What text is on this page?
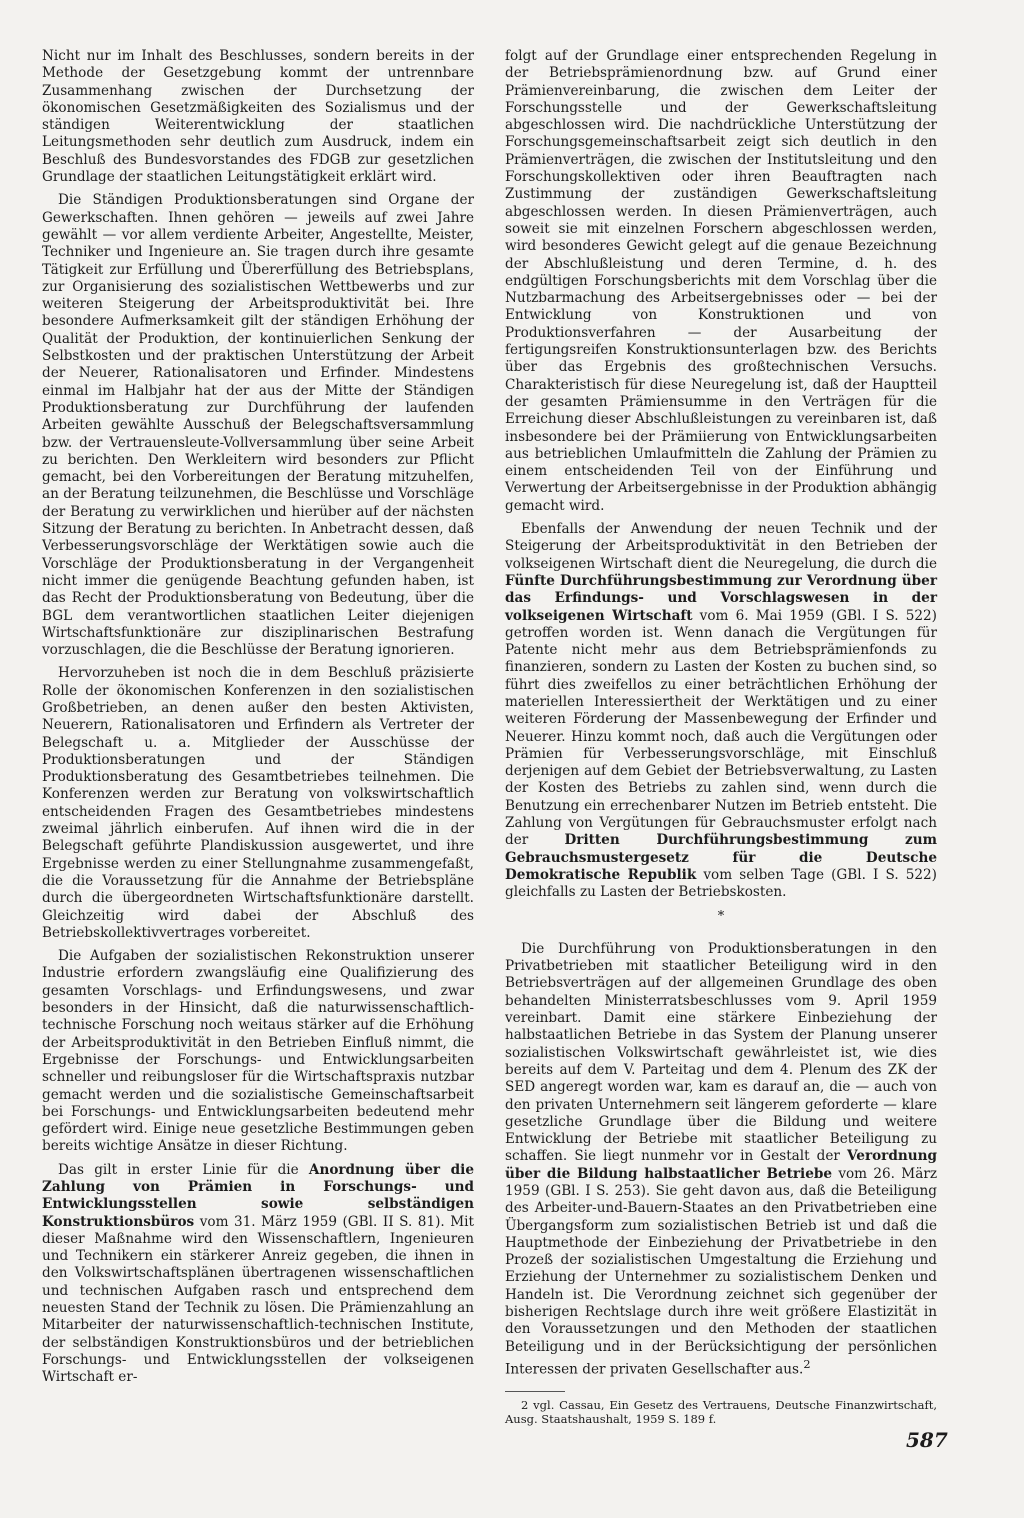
Nicht nur im Inhalt des Beschlusses, sondern bereits in der Methode der Gesetzgebung kommt der untrennbare Zusammenhang zwischen der Durchsetzung der ökonomischen Gesetzmäßigkeiten des Sozialismus und der ständigen Weiterentwicklung der staatlichen Leitungsmethoden sehr deutlich zum Ausdruck, indem ein Beschluß des Bundesvorstandes des FDGB zur gesetzlichen Grundlage der staatlichen Leitungstätigkeit erklärt wird.

Die Ständigen Produktionsberatungen sind Organe der Gewerkschaften. Ihnen gehören — jeweils auf zwei Jahre gewählt — vor allem verdiente Arbeiter, Angestellte, Meister, Techniker und Ingenieure an. Sie tragen durch ihre gesamte Tätigkeit zur Erfüllung und Übererfüllung des Betriebsplans, zur Organisierung des sozialistischen Wettbewerbs und zur weiteren Steigerung der Arbeitsproduktivität bei. Ihre besondere Aufmerksamkeit gilt der ständigen Erhöhung der Qualität der Produktion, der kontinuierlichen Senkung der Selbstkosten und der praktischen Unterstützung der Arbeit der Neuerer, Rationalisatoren und Erfinder. Mindestens einmal im Halbjahr hat der aus der Mitte der Ständigen Produktionsberatung zur Durchführung der laufenden Arbeiten gewählte Ausschuß der Belegschaftsversammlung bzw. der Vertrauensleute-Vollversammlung über seine Arbeit zu berichten. Den Werkleitern wird besonders zur Pflicht gemacht, bei den Vorbereitungen der Beratung mitzuhelfen, an der Beratung teilzunehmen, die Beschlüsse und Vorschläge der Beratung zu verwirklichen und hierüber auf der nächsten Sitzung der Beratung zu berichten. In Anbetracht dessen, daß Verbesserungsvorschläge der Werktätigen sowie auch die Vorschläge der Produktionsberatung in der Vergangenheit nicht immer die genügende Beachtung gefunden haben, ist das Recht der Produktionsberatung von Bedeutung, über die BGL dem verantwortlichen staatlichen Leiter diejenigen Wirtschaftsfunktionäre zur disziplinarischen Bestrafung vorzuschlagen, die die Beschlüsse der Beratung ignorieren.

Hervorzuheben ist noch die in dem Beschluß präzisierte Rolle der ökonomischen Konferenzen in den sozialistischen Großbetrieben, an denen außer den besten Aktivisten, Neuerern, Rationalisatoren und Erfindern als Vertreter der Belegschaft u. a. Mitglieder der Ausschüsse der Produktionsberatungen und der Ständigen Produktionsberatung des Gesamtbetriebes teilnehmen. Die Konferenzen werden zur Beratung von volkswirtschaftlich entscheidenden Fragen des Gesamtbetriebes mindestens zweimal jährlich einberufen. Auf ihnen wird die in der Belegschaft geführte Plandiskussion ausgewertet, und ihre Ergebnisse werden zu einer Stellungnahme zusammengefaßt, die die Voraussetzung für die Annahme der Betriebspläne durch die übergeordneten Wirtschaftsfunktionäre darstellt. Gleichzeitig wird dabei der Abschluß des Betriebskollektivvertrages vorbereitet.

Die Aufgaben der sozialistischen Rekonstruktion unserer Industrie erfordern zwangsläufig eine Qualifizierung des gesamten Vorschlags- und Erfindungswesens, und zwar besonders in der Hinsicht, daß die naturwissenschaftlich-technische Forschung noch weitaus stärker auf die Erhöhung der Arbeitsproduktivität in den Betrieben Einfluß nimmt, die Ergebnisse der Forschungs- und Entwicklungsarbeiten schneller und reibungsloser für die Wirtschaftspraxis nutzbar gemacht werden und die sozialistische Gemeinschaftsarbeit bei Forschungs- und Entwicklungsarbeiten bedeutend mehr gefördert wird. Einige neue gesetzliche Bestimmungen geben bereits wichtige Ansätze in dieser Richtung.

Das gilt in erster Linie für die Anordnung über die Zahlung von Prämien in Forschungs- und Entwicklungsstellen sowie selbständigen Konstruktionsbüros vom 31. März 1959 (GBl. II S. 81). Mit dieser Maßnahme wird den Wissenschaftlern, Ingenieuren und Technikern ein stärkerer Anreiz gegeben, die ihnen in den Volkswirtschaftsplänen übertragenen wissenschaftlichen und technischen Aufgaben rasch und entsprechend dem neuesten Stand der Technik zu lösen. Die Prämienzahlung an Mitarbeiter der naturwissenschaftlich-technischen Institute, der selbständigen Konstruktionsbüros und der betrieblichen Forschungs- und Entwicklungsstellen der volkseigenen Wirtschaft er-

folgt auf der Grundlage einer entsprechenden Regelung in der Betriebsprämienordnung bzw. auf Grund einer Prämienvereinbarung, die zwischen dem Leiter der Forschungsstelle und der Gewerkschaftsleitung abgeschlossen wird. Die nachdrückliche Unterstützung der Forschungsgemeinschaftsarbeit zeigt sich deutlich in den Prämienverträgen, die zwischen der Institutsleitung und den Forschungskollektiven oder ihren Beauftragten nach Zustimmung der zuständigen Gewerkschaftsleitung abgeschlossen werden. In diesen Prämienverträgen, auch soweit sie mit einzelnen Forschern abgeschlossen werden, wird besonderes Gewicht gelegt auf die genaue Bezeichnung der Abschlußleistung und deren Termine, d. h. des endgültigen Forschungsberichts mit dem Vorschlag über die Nutzbarmachung des Arbeitsergebnisses oder — bei der Entwicklung von Konstruktionen und von Produktionsverfahren — der Ausarbeitung der fertigungsreifen Konstruktionsunterlagen bzw. des Berichts über das Ergebnis des großtechnischen Versuchs. Charakteristisch für diese Neuregelung ist, daß der Hauptteil der gesamten Prämiensumme in den Verträgen für die Erreichung dieser Abschlußleistungen zu vereinbaren ist, daß insbesondere bei der Prämiierung von Entwicklungsarbeiten aus betrieblichen Umlaufmitteln die Zahlung der Prämien zu einem entscheidenden Teil von der Einführung und Verwertung der Arbeitsergebnisse in der Produktion abhängig gemacht wird.

Ebenfalls der Anwendung der neuen Technik und der Steigerung der Arbeitsproduktivität in den Betrieben der volkseigenen Wirtschaft dient die Neuregelung, die durch die Fünfte Durchführungsbestimmung zur Verordnung über das Erfindungs- und Vorschlagswesen in der volkseigenen Wirtschaft vom 6. Mai 1959 (GBl. I S. 522) getroffen worden ist. Wenn danach die Vergütungen für Patente nicht mehr aus dem Betriebsprämienfonds zu finanzieren, sondern zu Lasten der Kosten zu buchen sind, so führt dies zweifellos zu einer beträchtlichen Erhöhung der materiellen Interessiertheit der Werktätigen und zu einer weiteren Förderung der Massenbewegung der Erfinder und Neuerer. Hinzu kommt noch, daß auch die Vergütungen oder Prämien für Verbesserungsvorschläge, mit Einschluß derjenigen auf dem Gebiet der Betriebsverwaltung, zu Lasten der Kosten des Betriebs zu zahlen sind, wenn durch die Benutzung ein errechenbarer Nutzen im Betrieb entsteht. Die Zahlung von Vergütungen für Gebrauchsmuster erfolgt nach der Dritten Durchführungsbestimmung zum Gebrauchsmustergesetz für die Deutsche Demokratische Republik vom selben Tage (GBl. I S. 522) gleichfalls zu Lasten der Betriebskosten.

*

Die Durchführung von Produktionsberatungen in den Privatbetrieben mit staatlicher Beteiligung wird in den Betriebsverträgen auf der allgemeinen Grundlage des oben behandelten Ministerratsbeschlusses vom 9. April 1959 vereinbart. Damit eine stärkere Einbeziehung der halbstaatlichen Betriebe in das System der Planung unserer sozialistischen Volkswirtschaft gewährleistet ist, wie dies bereits auf dem V. Parteitag und dem 4. Plenum des ZK der SED angeregt worden war, kam es darauf an, die — auch von den privaten Unternehmern seit längerem geforderte — klare gesetzliche Grundlage über die Bildung und weitere Entwicklung der Betriebe mit staatlicher Beteiligung zu schaffen. Sie liegt nunmehr vor in Gestalt der Verordnung über die Bildung halbstaatlicher Betriebe vom 26. März 1959 (GBl. I S. 253). Sie geht davon aus, daß die Beteiligung des Arbeiter-und-Bauern-Staates an den Privatbetrieben eine Übergangsform zum sozialistischen Betrieb ist und daß die Hauptmethode der Einbeziehung der Privatbetriebe in den Prozeß der sozialistischen Umgestaltung die Erziehung und Erziehung der Unternehmer zu sozialistischem Denken und Handeln ist. Die Verordnung zeichnet sich gegenüber der bisherigen Rechtslage durch ihre weit größere Elastizität in den Voraussetzungen und den Methoden der staatlichen Beteiligung und in der Berücksichtigung der persönlichen Interessen der privaten Gesellschafter aus.$^2$

2 vgl. Cassau, Ein Gesetz des Vertrauens, Deutsche Finanzwirtschaft, Ausg. Staatshaushalt, 1959 S. 189 f.

587
